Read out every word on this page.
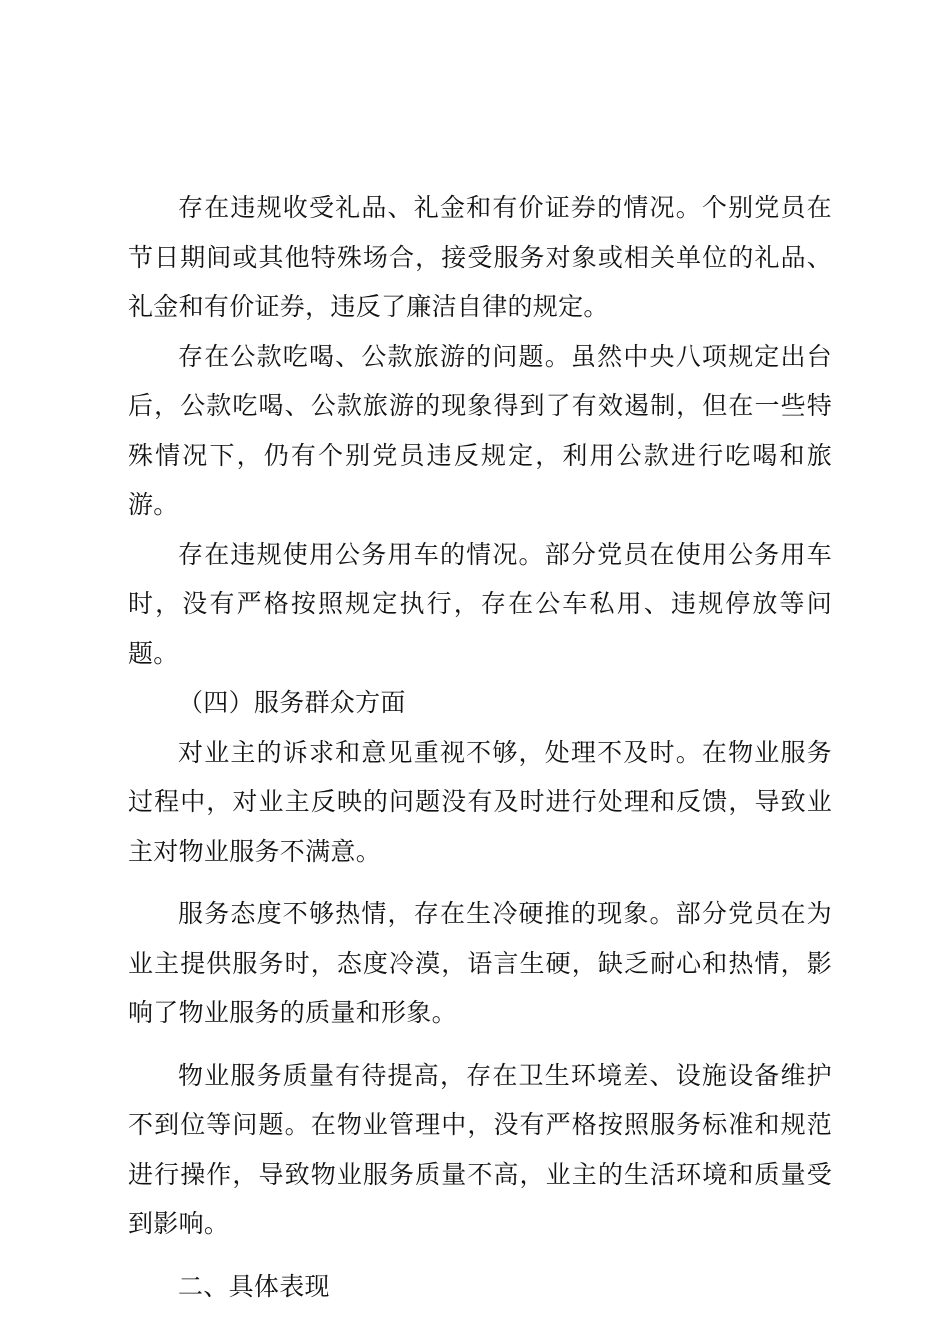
存在违规收受礼品、礼金和有价证券的情况。个别党员在节日期间或其他特殊场合，接受服务对象或相关单位的礼品、礼金和有价证券，违反了廉洁自律的规定。

存在公款吃喝、公款旅游的问题。虽然中央八项规定出台后，公款吃喝、公款旅游的现象得到了有效遏制，但在一些特殊情况下，仍有个别党员违反规定，利用公款进行吃喝和旅游。

存在违规使用公务用车的情况。部分党员在使用公务用车时，没有严格按照规定执行，存在公车私用、违规停放等问题。

（四）服务群众方面

对业主的诉求和意见重视不够，处理不及时。在物业服务过程中，对业主反映的问题没有及时进行处理和反馈，导致业主对物业服务不满意。

服务态度不够热情，存在生冷硬推的现象。部分党员在为业主提供服务时，态度冷漠，语言生硬，缺乏耐心和热情，影响了物业服务的质量和形象。

物业服务质量有待提高，存在卫生环境差、设施设备维护不到位等问题。在物业管理中，没有严格按照服务标准和规范进行操作，导致物业服务质量不高，业主的生活环境和质量受到影响。

二、具体表现
